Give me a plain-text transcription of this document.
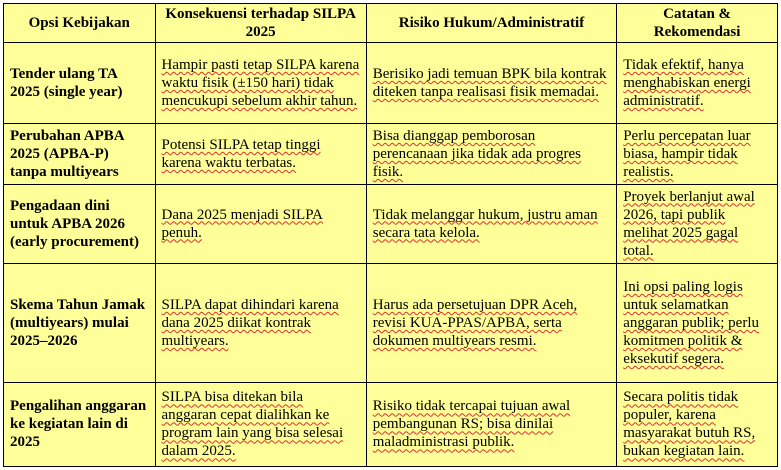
Opsi Kebijakan	Konsekuensi terhadap SILPA 2025	Risiko Hukum/Administratif	Catatan & Rekomendasi

Tender ulang TA 2025 (single year)	Hampir pasti tetap SILPA karena waktu fisik (±150 hari) tidak mencukupi sebelum akhir tahun.	Berisiko jadi temuan BPK bila kontrak diteken tanpa realisasi fisik memadai.	Tidak efektif, hanya menghabiskan energi administratif.

Perubahan APBA 2025 (APBA-P) tanpa multiyears	Potensi SILPA tetap tinggi karena waktu terbatas.	Bisa dianggap pemborosan perencanaan jika tidak ada progres fisik.	Perlu percepatan luar biasa, hampir tidak realistis.

Pengadaan dini untuk APBA 2026 (early procurement)	Dana 2025 menjadi SILPA penuh.	Tidak melanggar hukum, justru aman secara tata kelola.	Proyek berlanjut awal 2026, tapi publik melihat 2025 gagal total.

Skema Tahun Jamak (multiyears) mulai 2025–2026	SILPA dapat dihindari karena dana 2025 diikat kontrak multiyears.	Harus ada persetujuan DPR Aceh, revisi KUA-PPAS/APBA, serta dokumen multiyears resmi.	Ini opsi paling logis untuk selamatkan anggaran publik; perlu komitmen politik & eksekutif segera.

Pengalihan anggaran ke kegiatan lain di 2025	SILPA bisa ditekan bila anggaran cepat dialihkan ke program lain yang bisa selesai dalam 2025.	Risiko tidak tercapai tujuan awal pembangunan RS; bisa dinilai maladministrasi publik.	Secara politis tidak populer, karena masyarakat butuh RS, bukan kegiatan lain.
